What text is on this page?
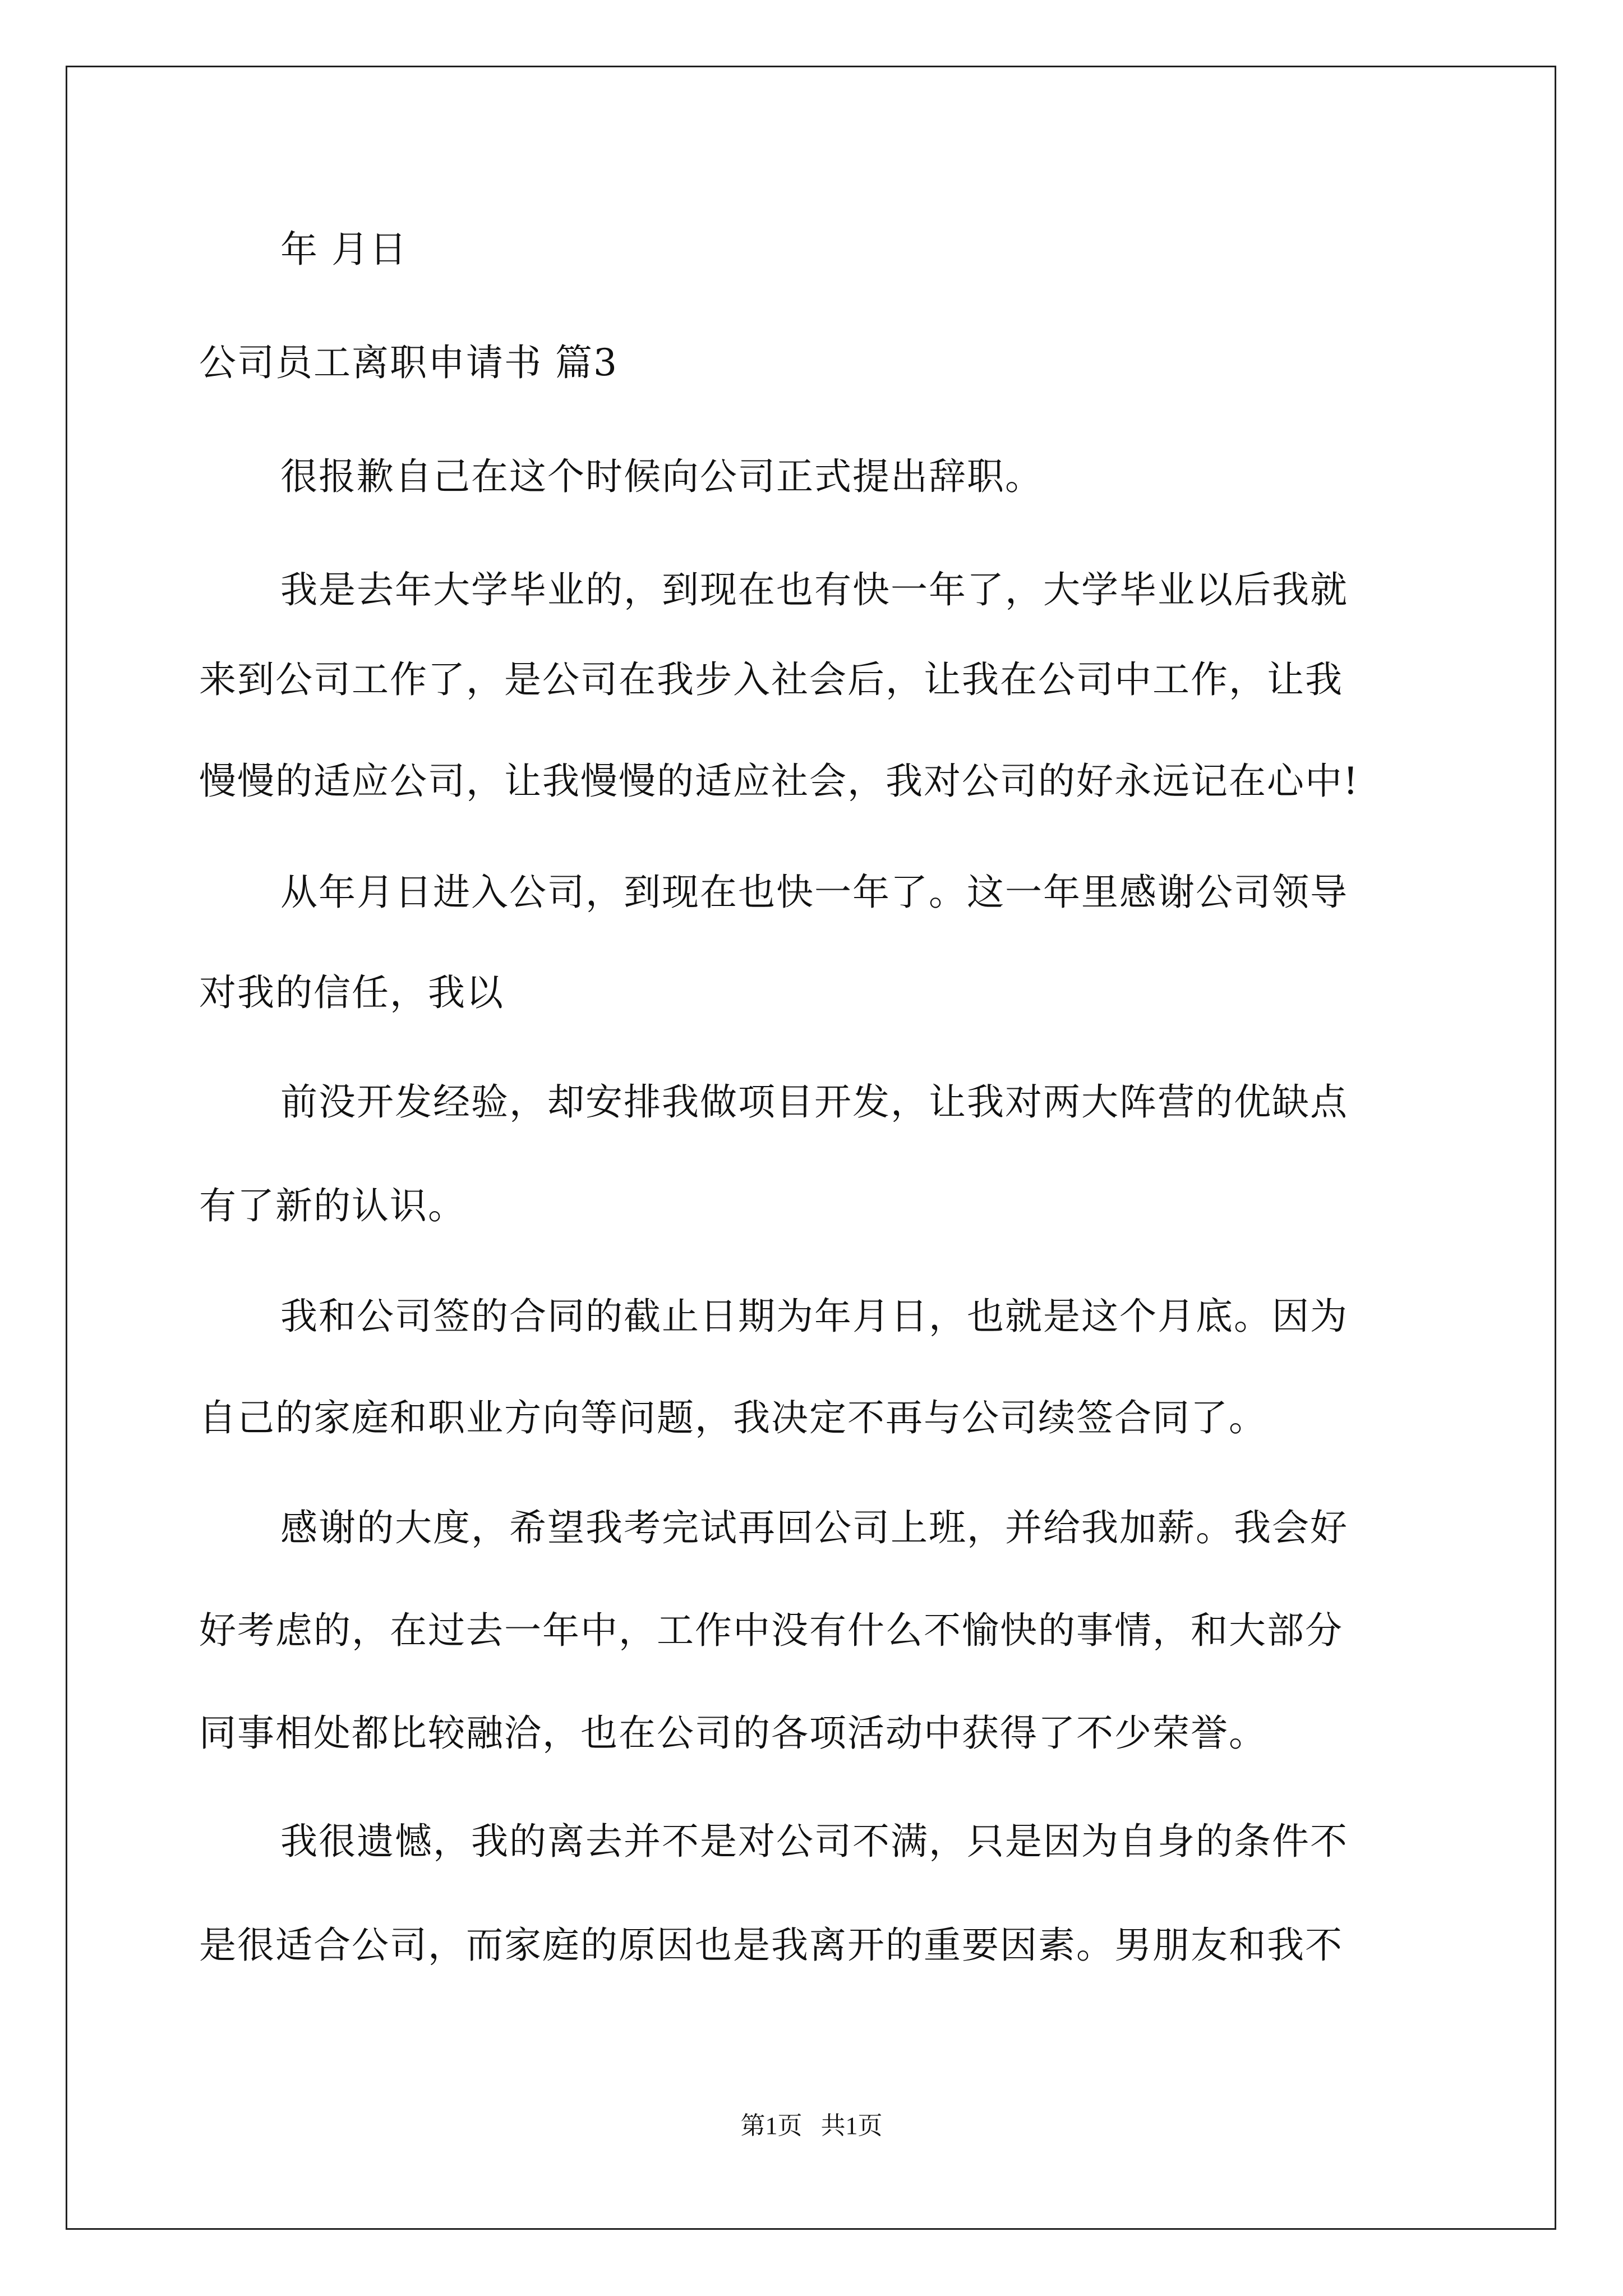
年 月日

公司员工离职申请书 篇3

很报歉自己在这个时候向公司正式提出辞职。

我是去年大学毕业的，到现在也有快一年了，大学毕业以后我就

来到公司工作了，是公司在我步入社会后，让我在公司中工作，让我

慢慢的适应公司，让我慢慢的适应社会，我对公司的好永远记在心中!

从年月日进入公司，到现在也快一年了。这一年里感谢公司领导

对我的信任，我以

前没开发经验，却安排我做项目开发，让我对两大阵营的优缺点

有了新的认识。

我和公司签的合同的截止日期为年月日，也就是这个月底。因为

自己的家庭和职业方向等问题，我决定不再与公司续签合同了。

感谢的大度，希望我考完试再回公司上班，并给我加薪。我会好

好考虑的，在过去一年中，工作中没有什么不愉快的事情，和大部分

同事相处都比较融洽，也在公司的各项活动中获得了不少荣誉。

我很遗憾，我的离去并不是对公司不满，只是因为自身的条件不

是很适合公司，而家庭的原因也是我离开的重要因素。男朋友和我不

第1页   共1页
